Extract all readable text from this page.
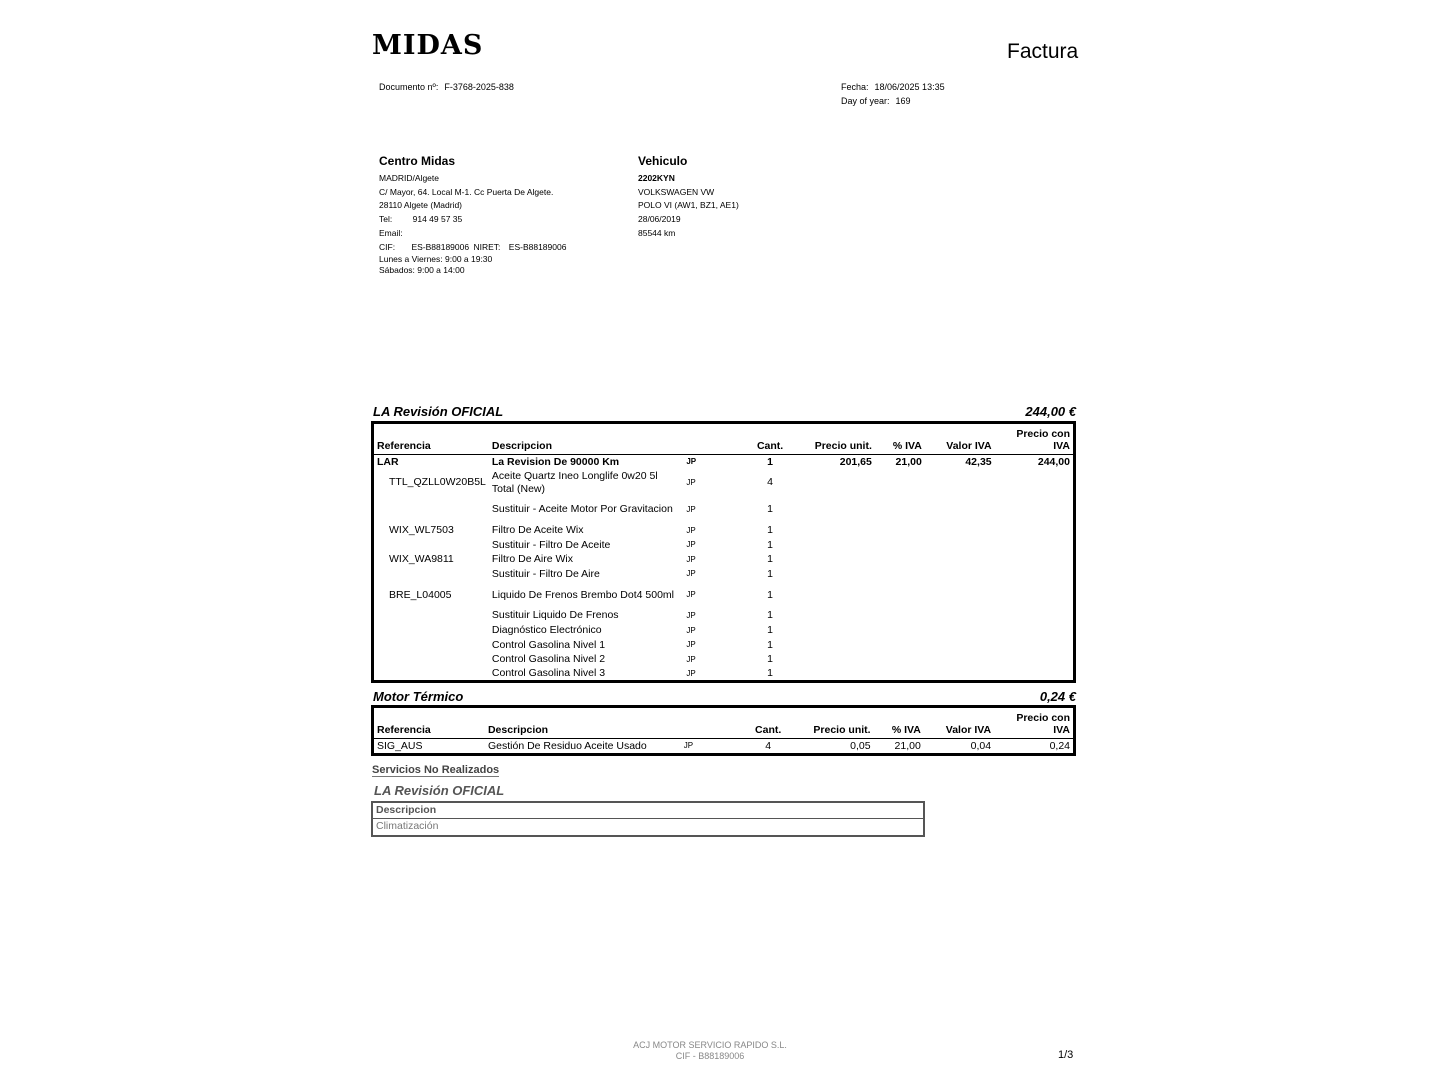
MIDAS	Factura
Documento nº: F-3768-2025-838	Fecha: 18/06/2025 13:35
Day of year: 169
Centro Midas
MADRID/Algete
C/ Mayor, 64. Local M-1. Cc Puerta De Algete.
28110 Algete (Madrid)
Tel: 914 49 57 35
Email:
CIF: ES-B88189006 NIRET: ES-B88189006
Lunes a Viernes: 9:00 a 19:30
Sábados: 9:00 a 14:00
Vehiculo
2202KYN
VOLKSWAGEN VW
POLO VI (AW1, BZ1, AE1)
28/06/2019
85544 km
LA Revisión OFICIAL	244,00 €
Referencia	Descripcion		Cant.	Precio unit.	% IVA	Valor IVA	Precio con IVA
LAR	La Revision De 90000 Km	JP	1	201,65	21,00	42,35	244,00
TTL_QZLL0W20B5L	Aceite Quartz Ineo Longlife 0w20 5l Total (New)	JP	4				
	Sustituir - Aceite Motor Por Gravitacion	JP	1				
WIX_WL7503	Filtro De Aceite Wix	JP	1				
	Sustituir - Filtro De Aceite	JP	1				
WIX_WA9811	Filtro De Aire Wix	JP	1				
	Sustituir - Filtro De Aire	JP	1				
BRE_L04005	Liquido De Frenos Brembo Dot4 500ml	JP	1				
	Sustituir Liquido De Frenos	JP	1				
	Diagnóstico Electrónico	JP	1				
	Control Gasolina Nivel 1	JP	1				
	Control Gasolina Nivel 2	JP	1				
	Control Gasolina Nivel 3	JP	1				
Motor Térmico	0,24 €
Referencia	Descripcion		Cant.	Precio unit.	% IVA	Valor IVA	Precio con IVA
SIG_AUS	Gestión De Residuo Aceite Usado	JP	4	0,05	21,00	0,04	0,24
Servicios No Realizados
LA Revisión OFICIAL
Descripcion
Climatización
ACJ MOTOR SERVICIO RAPIDO S.L.
CIF - B88189006	1/3
